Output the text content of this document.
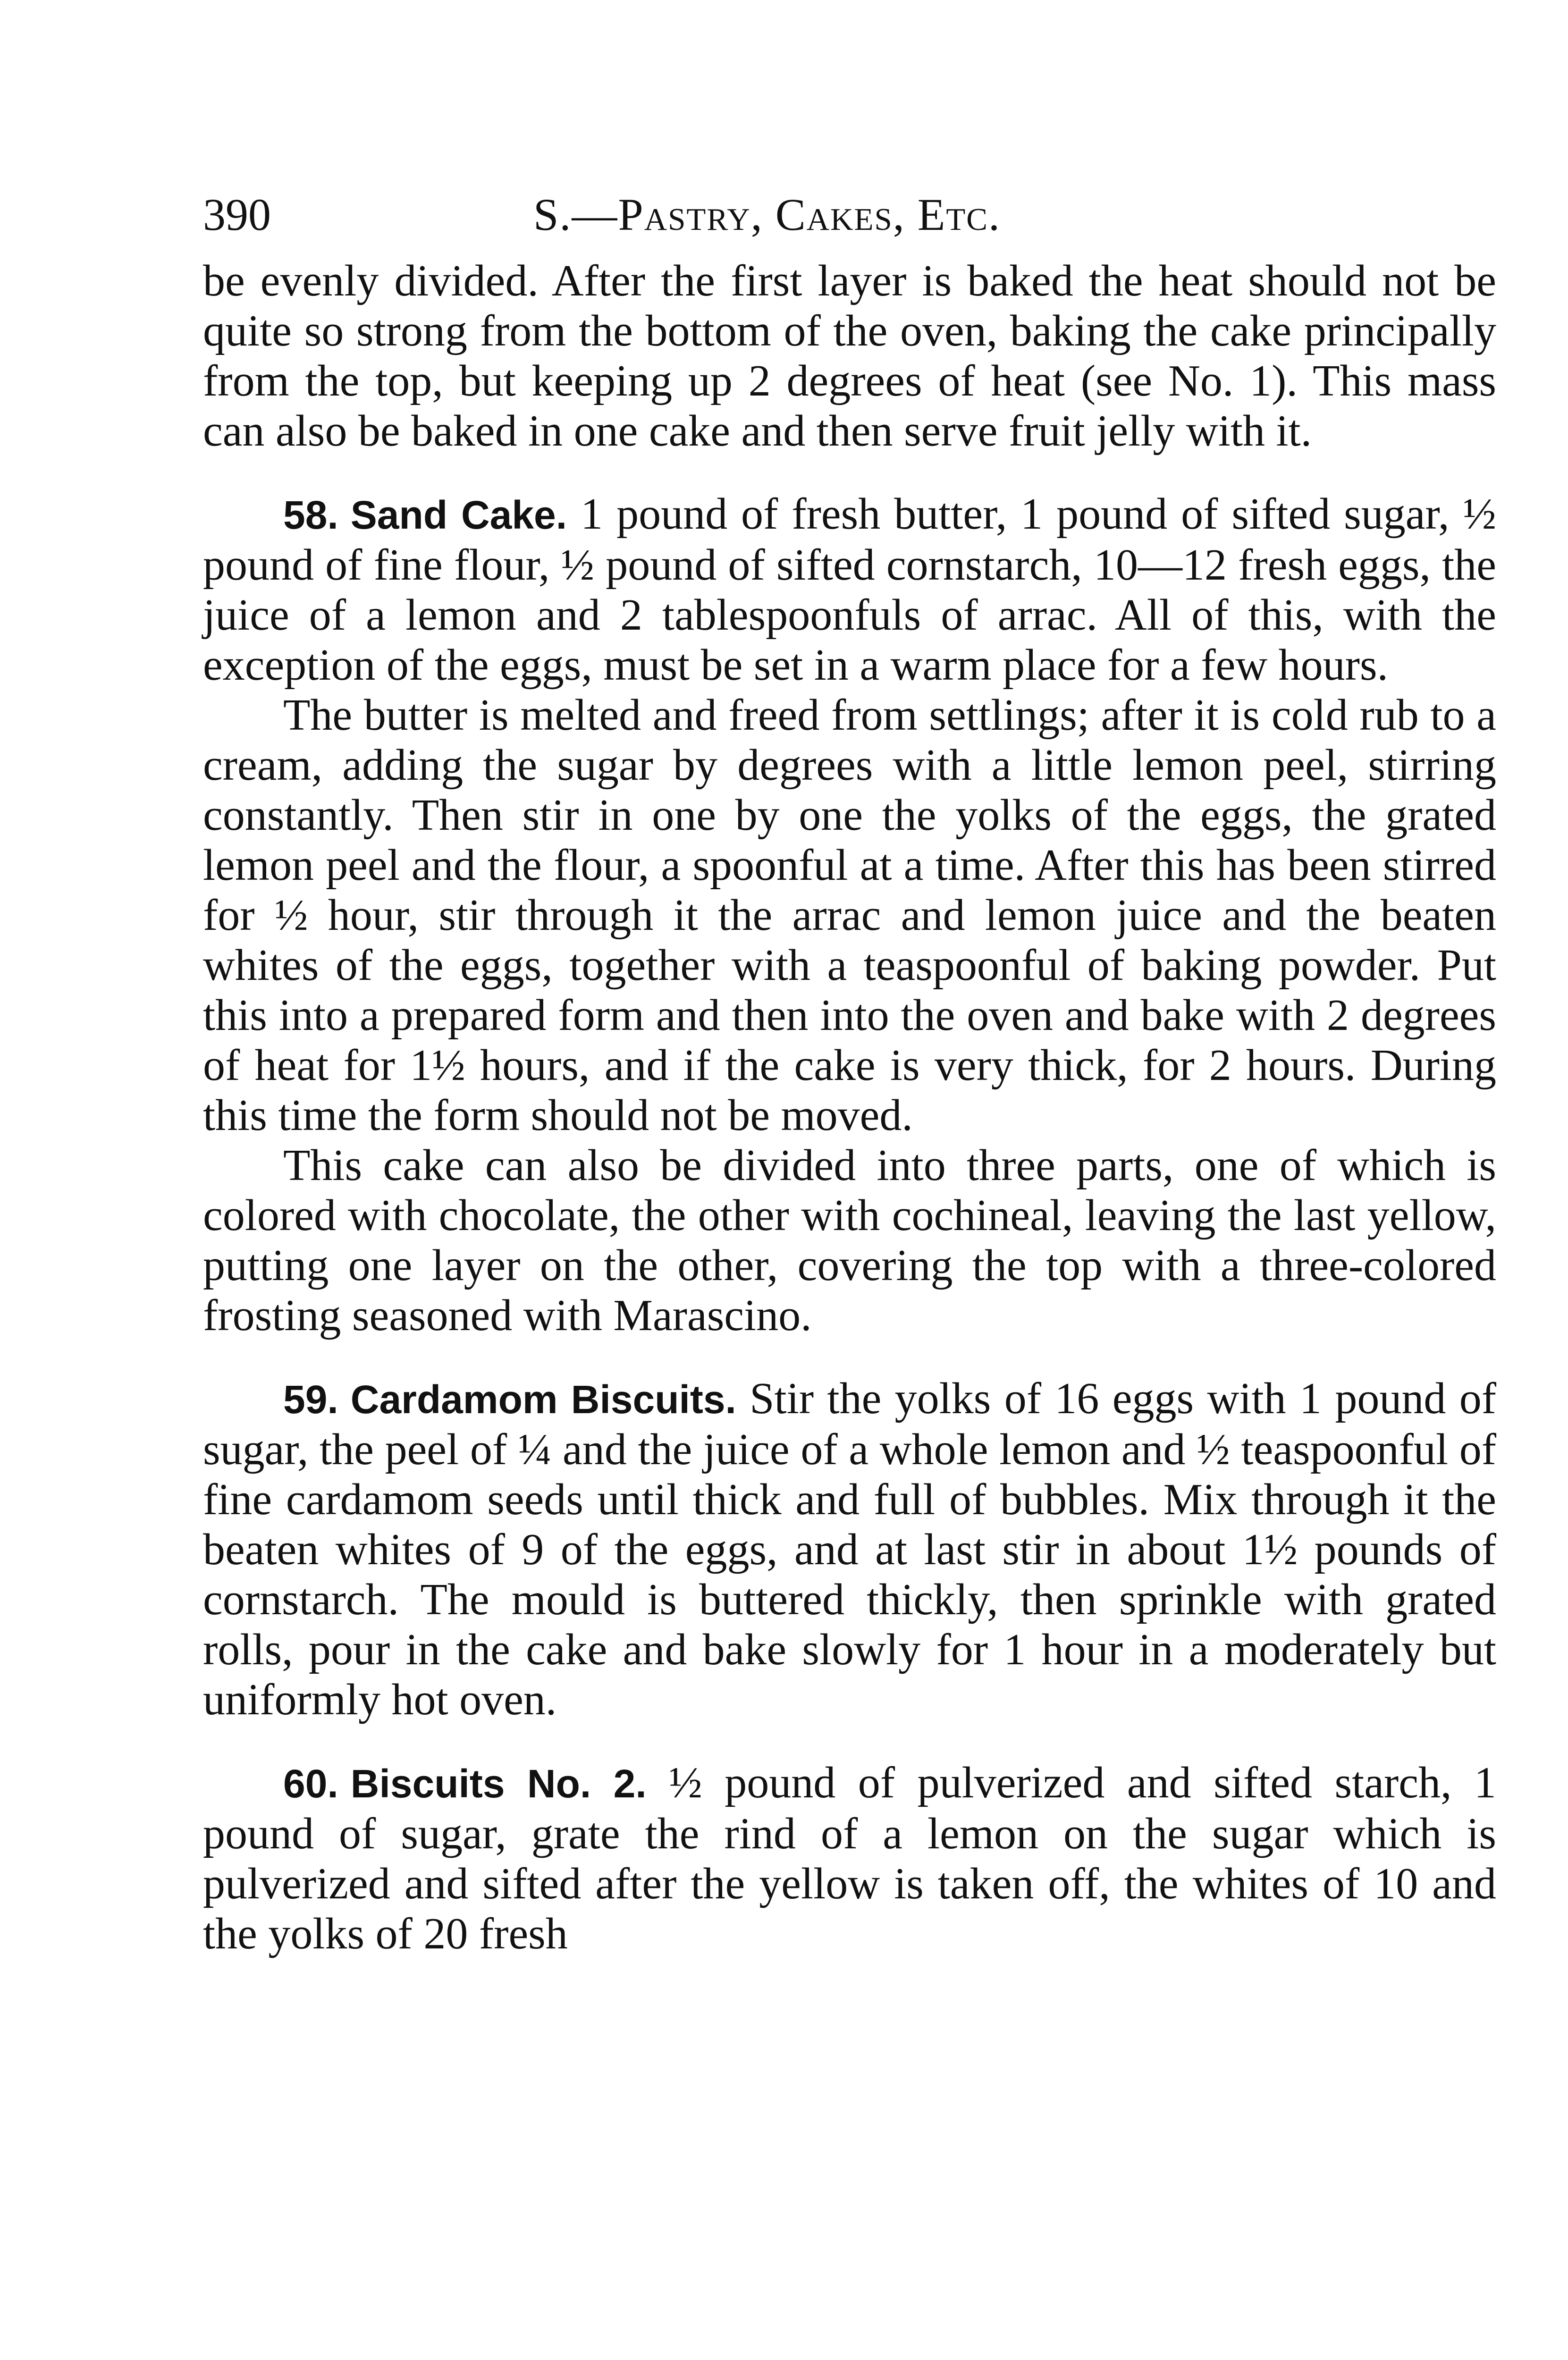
390	S.—Pastry, Cakes, Etc.

be evenly divided. After the first layer is baked the heat should not be quite so strong from the bottom of the oven, baking the cake principally from the top, but keeping up 2 degrees of heat (see No. 1). This mass can also be baked in one cake and then serve fruit jelly with it.

58. Sand Cake. 1 pound of fresh butter, 1 pound of sifted sugar, ½ pound of fine flour, ½ pound of sifted cornstarch, 10—12 fresh eggs, the juice of a lemon and 2 tablespoonfuls of arrac. All of this, with the exception of the eggs, must be set in a warm place for a few hours.

The butter is melted and freed from settlings; after it is cold rub to a cream, adding the sugar by degrees with a little lemon peel, stirring constantly. Then stir in one by one the yolks of the eggs, the grated lemon peel and the flour, a spoonful at a time. After this has been stirred for ½ hour, stir through it the arrac and lemon juice and the beaten whites of the eggs, together with a teaspoonful of baking powder. Put this into a prepared form and then into the oven and bake with 2 degrees of heat for 1½ hours, and if the cake is very thick, for 2 hours. During this time the form should not be moved.

This cake can also be divided into three parts, one of which is colored with chocolate, the other with cochineal, leaving the last yellow, putting one layer on the other, covering the top with a three-colored frosting seasoned with Marascino.

59. Cardamom Biscuits. Stir the yolks of 16 eggs with 1 pound of sugar, the peel of ¼ and the juice of a whole lemon and ½ teaspoonful of fine cardamom seeds until thick and full of bubbles. Mix through it the beaten whites of 9 of the eggs, and at last stir in about 1½ pounds of cornstarch. The mould is buttered thickly, then sprinkle with grated rolls, pour in the cake and bake slowly for 1 hour in a moderately but uniformly hot oven.

60. Biscuits No. 2. ½ pound of pulverized and sifted starch, 1 pound of sugar, grate the rind of a lemon on the sugar which is pulverized and sifted after the yellow is taken off, the whites of 10 and the yolks of 20 fresh
